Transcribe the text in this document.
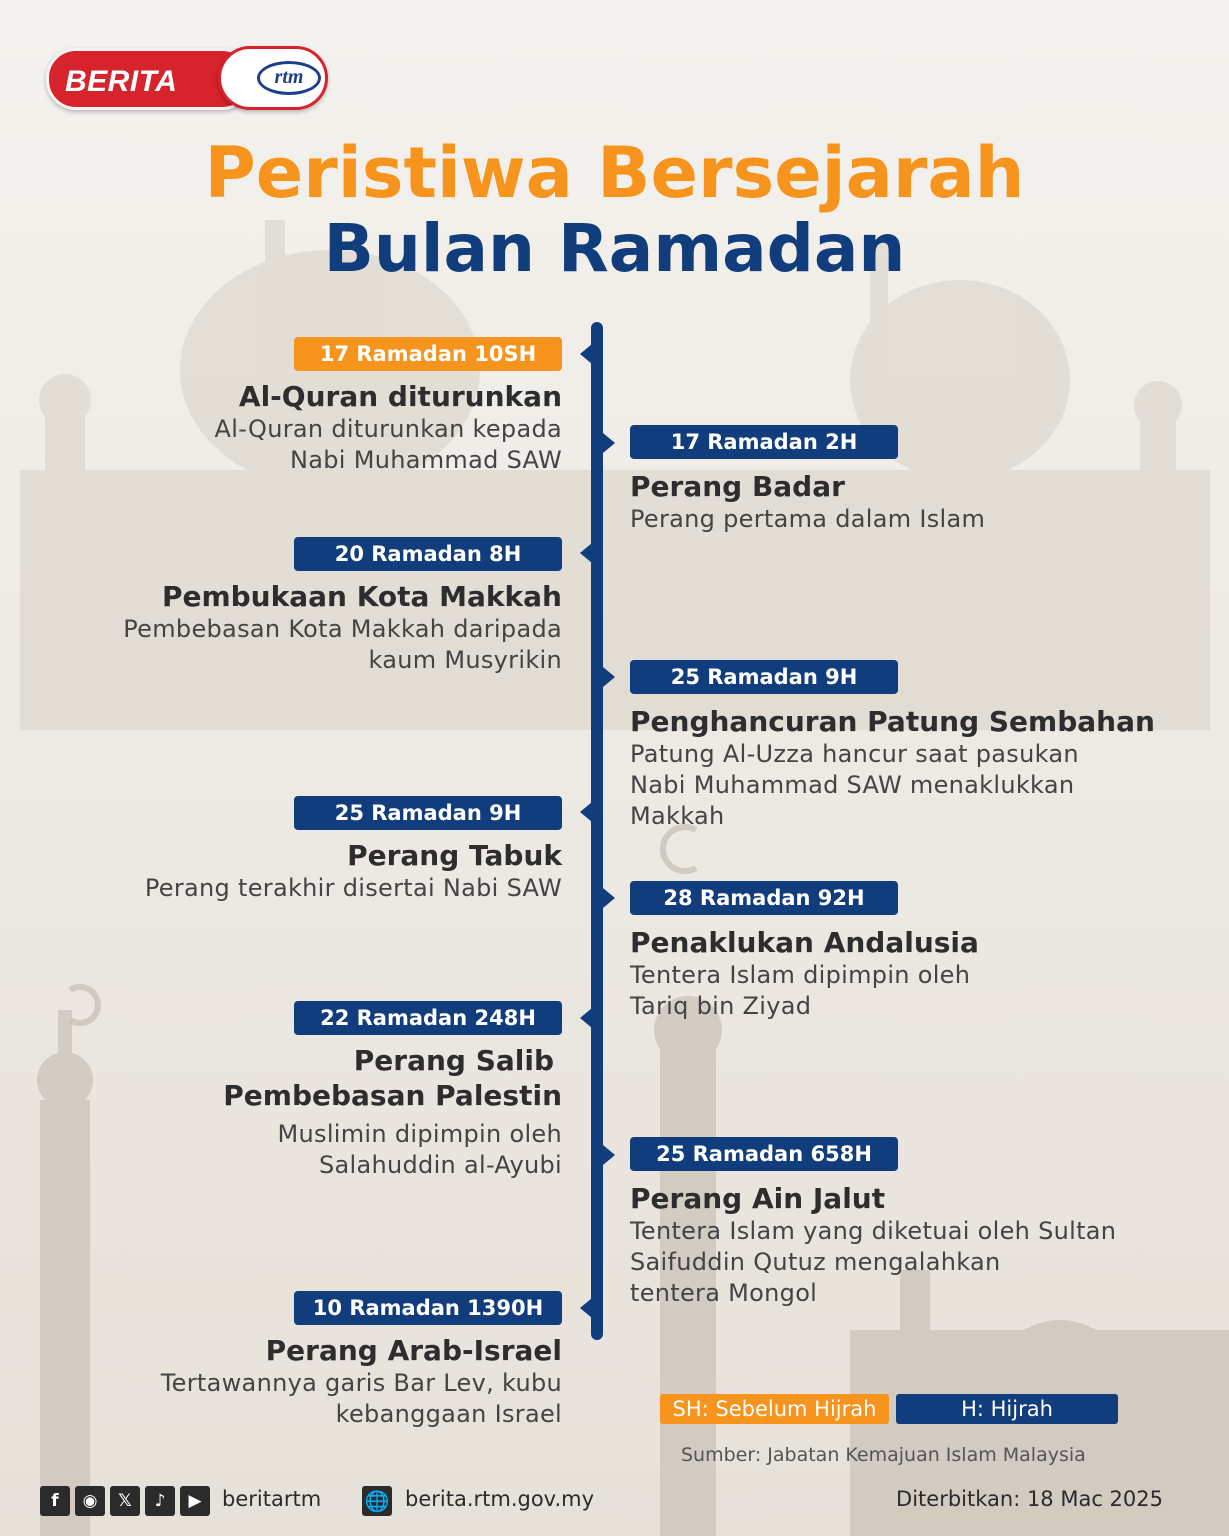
BERITA	rtm
Peristiwa Bersejarah
Bulan Ramadan
17 Ramadan 10SH
Al-Quran diturunkan
Al-Quran diturunkan kepada
Nabi Muhammad SAW
20 Ramadan 8H
Pembukaan Kota Makkah
Pembebasan Kota Makkah daripada
kaum Musyrikin
25 Ramadan 9H
Perang Tabuk
Perang terakhir disertai Nabi SAW
22 Ramadan 248H
Perang Salib
Pembebasan Palestin
Muslimin dipimpin oleh
Salahuddin al-Ayubi
10 Ramadan 1390H
Perang Arab-Israel
Tertawannya garis Bar Lev, kubu
kebanggaan Israel
17 Ramadan 2H
Perang Badar
Perang pertama dalam Islam
25 Ramadan 9H
Penghancuran Patung Sembahan
Patung Al-Uzza hancur saat pasukan
Nabi Muhammad SAW menaklukkan
Makkah
28 Ramadan 92H
Penaklukan Andalusia
Tentera Islam dipimpin oleh
Tariq bin Ziyad
25 Ramadan 658H
Perang Ain Jalut
Tentera Islam yang diketuai oleh Sultan
Saifuddin Qutuz mengalahkan
tentera Mongol
SH: Sebelum Hijrah	H: Hijrah
Sumber: Jabatan Kemajuan Islam Malaysia
f ◉ 𝕏 ♪ ▶ beritartm 🌐 berita.rtm.gov.my	Diterbitkan: 18 Mac 2025
